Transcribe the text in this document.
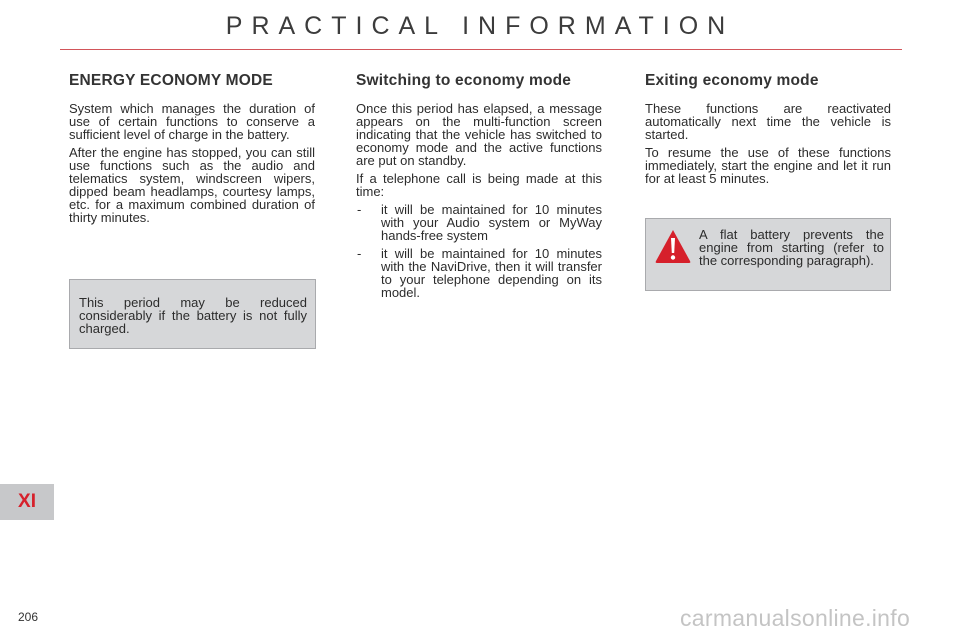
PRACTICAL INFORMATION
ENERGY ECONOMY MODE

System which manages the duration of use of certain functions to conserve a sufficient level of charge in the battery.

After the engine has stopped, you can still use functions such as the audio and telematics system, windscreen wipers, dipped beam headlamps, courtesy lamps, etc. for a maximum combined duration of thirty minutes.

This period may be reduced considerably if the battery is not fully charged.

Switching to economy mode

Once this period has elapsed, a message appears on the multi-function screen indicating that the vehicle has switched to economy mode and the active functions are put on standby.

If a telephone call is being made at this time:

- it will be maintained for 10 minutes with your Audio system or MyWay hands-free system
- it will be maintained for 10 minutes with the NaviDrive, then it will transfer to your telephone depending on its model.
Exiting economy mode

These functions are reactivated automatically next time the vehicle is started.

To resume the use of these functions immediately, start the engine and let it run for at least 5 minutes.

A flat battery prevents the engine from starting (refer to the corresponding paragraph).

XI
206	carmanualsonline.info
